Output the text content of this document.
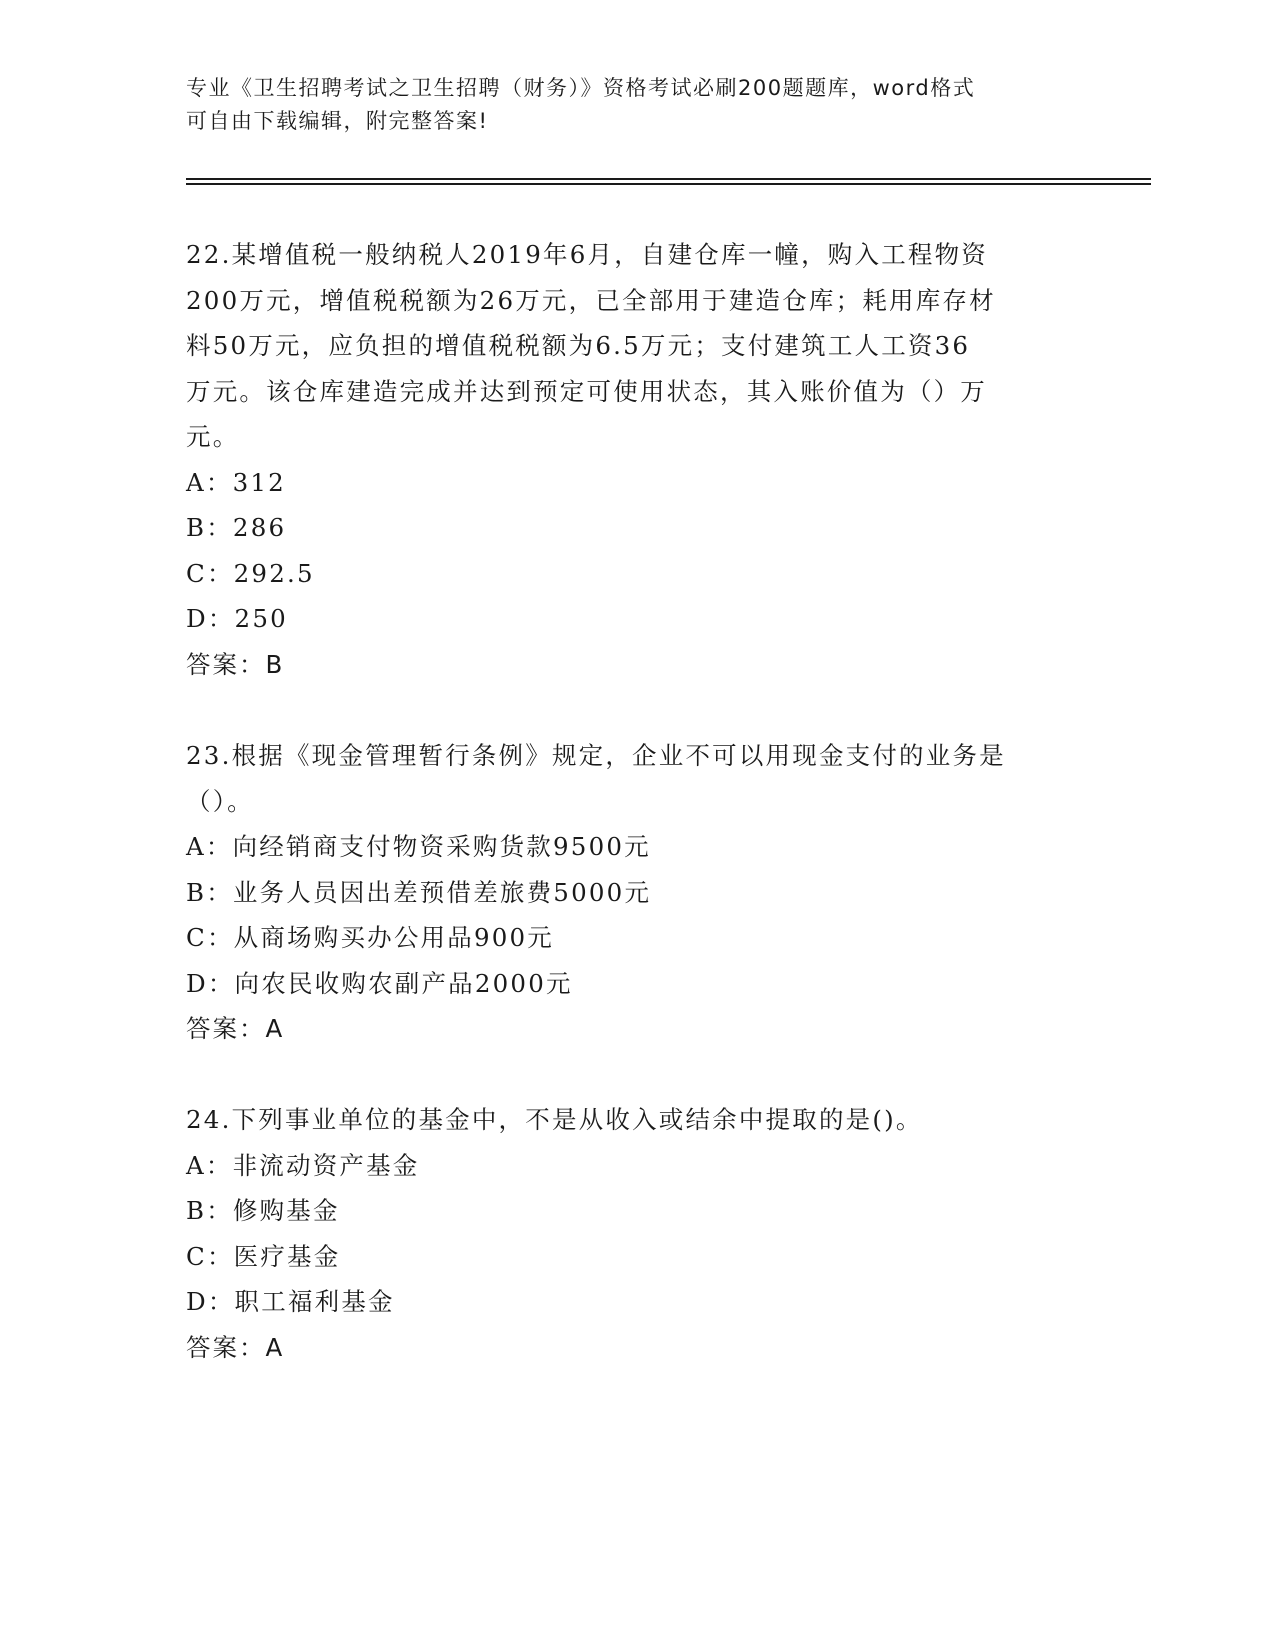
专业《卫生招聘考试之卫生招聘（财务）》资格考试必刷200题题库，word格式
可自由下载编辑，附完整答案!

22.某增值税一般纳税人2019年6月，自建仓库一幢，购入工程物资

200万元，增值税税额为26万元，已全部用于建造仓库；耗用库存材

料50万元，应负担的增值税税额为6.5万元；支付建筑工人工资36

万元。该仓库建造完成并达到预定可使用状态，其入账价值为（）万

元。

A：312

B：286

C：292.5

D：250

答案：B

23.根据《现金管理暂行条例》规定，企业不可以用现金支付的业务是

（）。

A：向经销商支付物资采购货款9500元

B：业务人员因出差预借差旅费5000元

C：从商场购买办公用品900元

D：向农民收购农副产品2000元

答案：A

24.下列事业单位的基金中，不是从收入或结余中提取的是()。

A：非流动资产基金

B：修购基金

C：医疗基金

D：职工福利基金

答案：A
